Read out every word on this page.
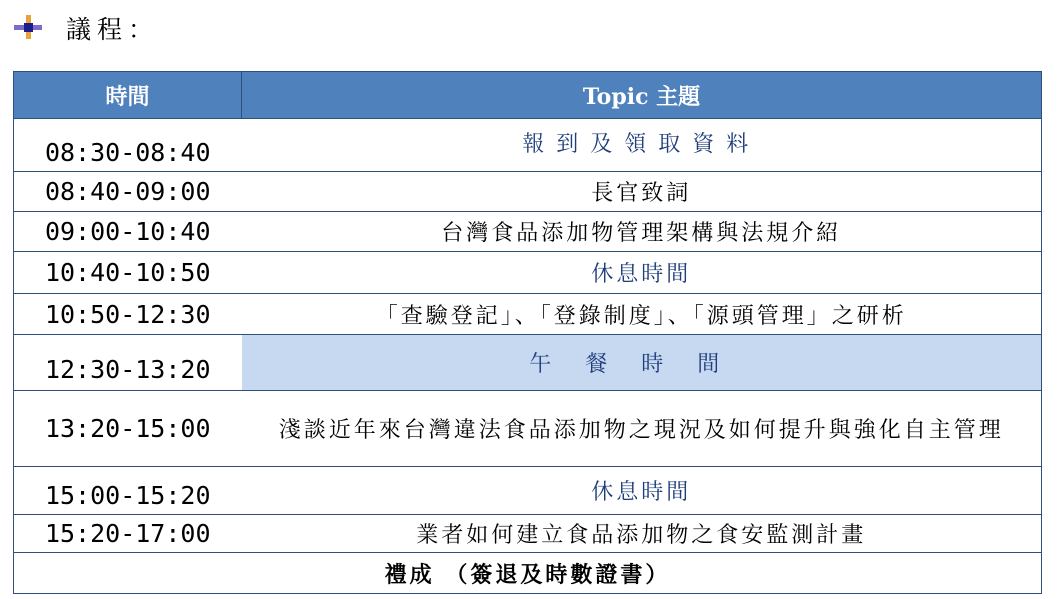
議程：
時間	Topic 主題
08:30-08:40	報到及領取資料
08:40-09:00	長官致詞
09:00-10:40	台灣食品添加物管理架構與法規介紹
10:40-10:50	休息時間
10:50-12:30	「查驗登記」、「登錄制度」、「源頭管理」之研析
12:30-13:20	午餐時間
13:20-15:00	淺談近年來台灣違法食品添加物之現況及如何提升與強化自主管理
15:00-15:20	休息時間
15:20-17:00	業者如何建立食品添加物之食安監測計畫
禮成 （簽退及時數證書）	
